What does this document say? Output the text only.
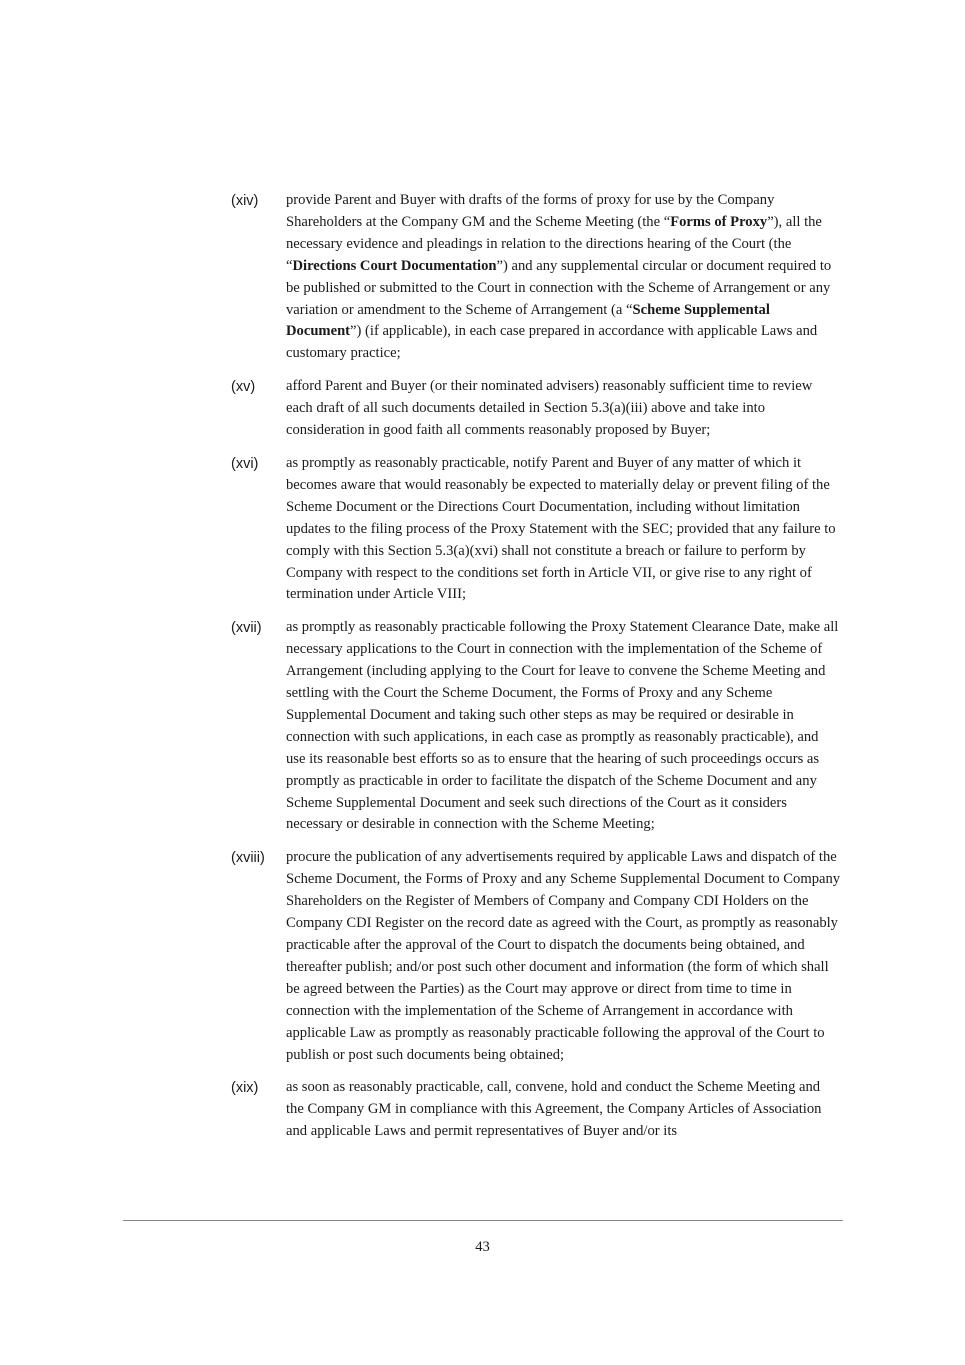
(xiv)	provide Parent and Buyer with drafts of the forms of proxy for use by the Company Shareholders at the Company GM and the Scheme Meeting (the “Forms of Proxy”), all the necessary evidence and pleadings in relation to the directions hearing of the Court (the “Directions Court Documentation”) and any supplemental circular or document required to be published or submitted to the Court in connection with the Scheme of Arrangement or any variation or amendment to the Scheme of Arrangement (a “Scheme Supplemental Document”) (if applicable), in each case prepared in accordance with applicable Laws and customary practice;
(xv)	afford Parent and Buyer (or their nominated advisers) reasonably sufficient time to review each draft of all such documents detailed in Section 5.3(a)(iii) above and take into consideration in good faith all comments reasonably proposed by Buyer;
(xvi)	as promptly as reasonably practicable, notify Parent and Buyer of any matter of which it becomes aware that would reasonably be expected to materially delay or prevent filing of the Scheme Document or the Directions Court Documentation, including without limitation updates to the filing process of the Proxy Statement with the SEC; provided that any failure to comply with this Section 5.3(a)(xvi) shall not constitute a breach or failure to perform by Company with respect to the conditions set forth in Article VII, or give rise to any right of termination under Article VIII;
(xvii)	as promptly as reasonably practicable following the Proxy Statement Clearance Date, make all necessary applications to the Court in connection with the implementation of the Scheme of Arrangement (including applying to the Court for leave to convene the Scheme Meeting and settling with the Court the Scheme Document, the Forms of Proxy and any Scheme Supplemental Document and taking such other steps as may be required or desirable in connection with such applications, in each case as promptly as reasonably practicable), and use its reasonable best efforts so as to ensure that the hearing of such proceedings occurs as promptly as practicable in order to facilitate the dispatch of the Scheme Document and any Scheme Supplemental Document and seek such directions of the Court as it considers necessary or desirable in connection with the Scheme Meeting;
(xviii)	procure the publication of any advertisements required by applicable Laws and dispatch of the Scheme Document, the Forms of Proxy and any Scheme Supplemental Document to Company Shareholders on the Register of Members of Company and Company CDI Holders on the Company CDI Register on the record date as agreed with the Court, as promptly as reasonably practicable after the approval of the Court to dispatch the documents being obtained, and thereafter publish; and/or post such other document and information (the form of which shall be agreed between the Parties) as the Court may approve or direct from time to time in connection with the implementation of the Scheme of Arrangement in accordance with applicable Law as promptly as reasonably practicable following the approval of the Court to publish or post such documents being obtained;
(xix)	as soon as reasonably practicable, call, convene, hold and conduct the Scheme Meeting and the Company GM in compliance with this Agreement, the Company Articles of Association and applicable Laws and permit representatives of Buyer and/or its
43
